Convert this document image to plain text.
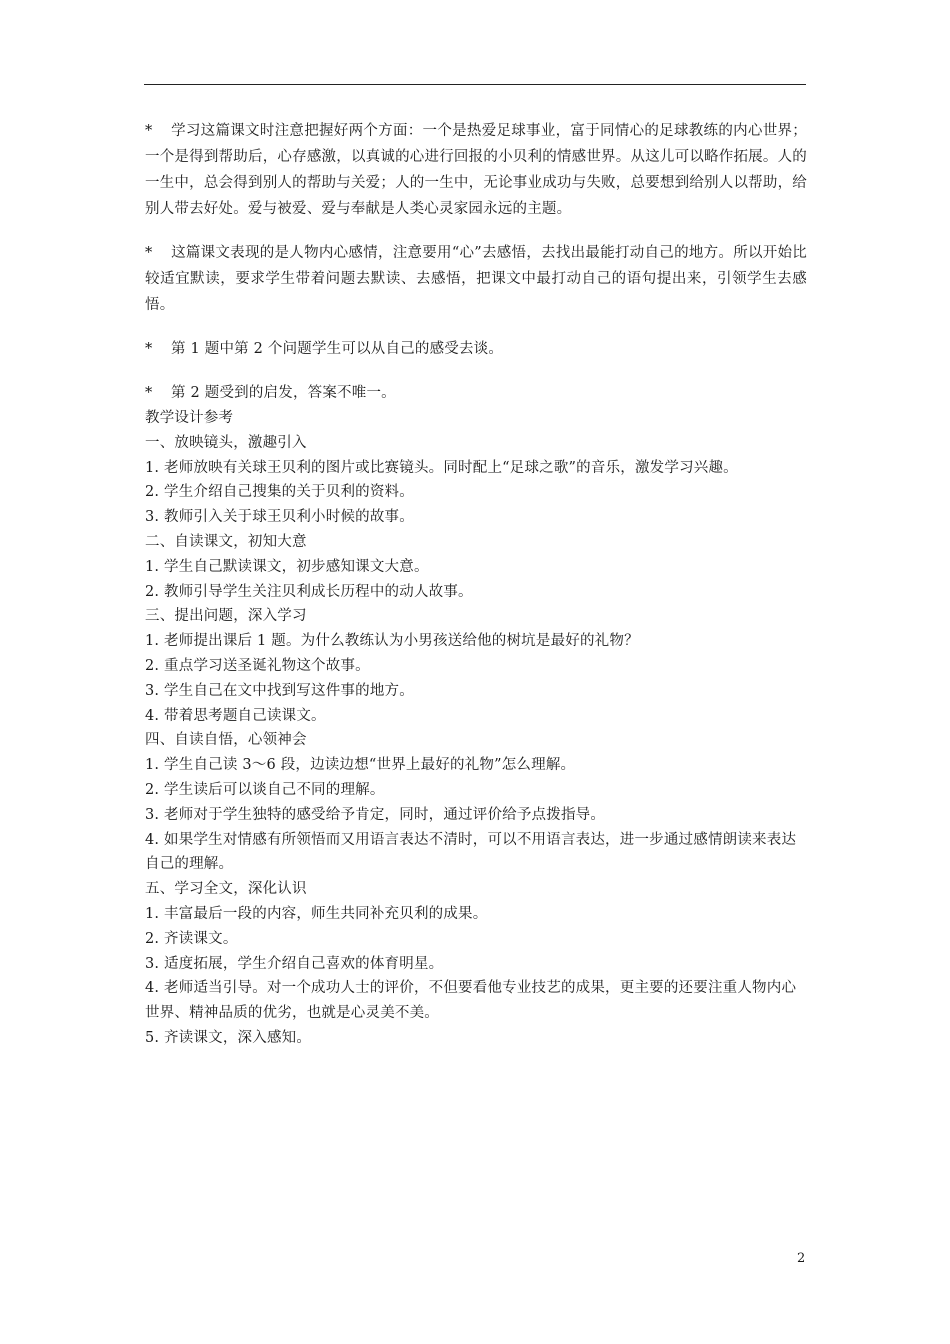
* 学习这篇课文时注意把握好两个方面：一个是热爱足球事业，富于同情心的足球教练的内心世界；一个是得到帮助后，心存感激，以真诚的心进行回报的小贝利的情感世界。从这儿可以略作拓展。人的一生中，总会得到别人的帮助与关爱；人的一生中，无论事业成功与失败，总要想到给别人以帮助，给别人带去好处。爱与被爱、爱与奉献是人类心灵家园永远的主题。

* 这篇课文表现的是人物内心感情，注意要用“心”去感悟，去找出最能打动自己的地方。所以开始比较适宜默读，要求学生带着问题去默读、去感悟，把课文中最打动自己的语句提出来，引领学生去感悟。

* 第 1 题中第 2 个问题学生可以从自己的感受去谈。

* 第 2 题受到的启发，答案不唯一。

教学设计参考

一、放映镜头，激趣引入

1. 老师放映有关球王贝利的图片或比赛镜头。同时配上“足球之歌”的音乐，激发学习兴趣。

2. 学生介绍自己搜集的关于贝利的资料。

3. 教师引入关于球王贝利小时候的故事。

二、自读课文，初知大意

1. 学生自己默读课文，初步感知课文大意。

2. 教师引导学生关注贝利成长历程中的动人故事。

三、提出问题，深入学习

1. 老师提出课后 1 题。为什么教练认为小男孩送给他的树坑是最好的礼物？

2. 重点学习送圣诞礼物这个故事。

3. 学生自己在文中找到写这件事的地方。

4. 带着思考题自己读课文。

四、自读自悟，心领神会

1. 学生自己读 3～6 段，边读边想“世界上最好的礼物”怎么理解。

2. 学生读后可以谈自己不同的理解。

3. 老师对于学生独特的感受给予肯定，同时，通过评价给予点拨指导。

4. 如果学生对情感有所领悟而又用语言表达不清时，可以不用语言表达，进一步通过感情朗读来表达自己的理解。

五、学习全文，深化认识

1. 丰富最后一段的内容，师生共同补充贝利的成果。

2. 齐读课文。

3. 适度拓展，学生介绍自己喜欢的体育明星。

4. 老师适当引导。对一个成功人士的评价，不但要看他专业技艺的成果，更主要的还要注重人物内心世界、精神品质的优劣，也就是心灵美不美。

5. 齐读课文，深入感知。

2
